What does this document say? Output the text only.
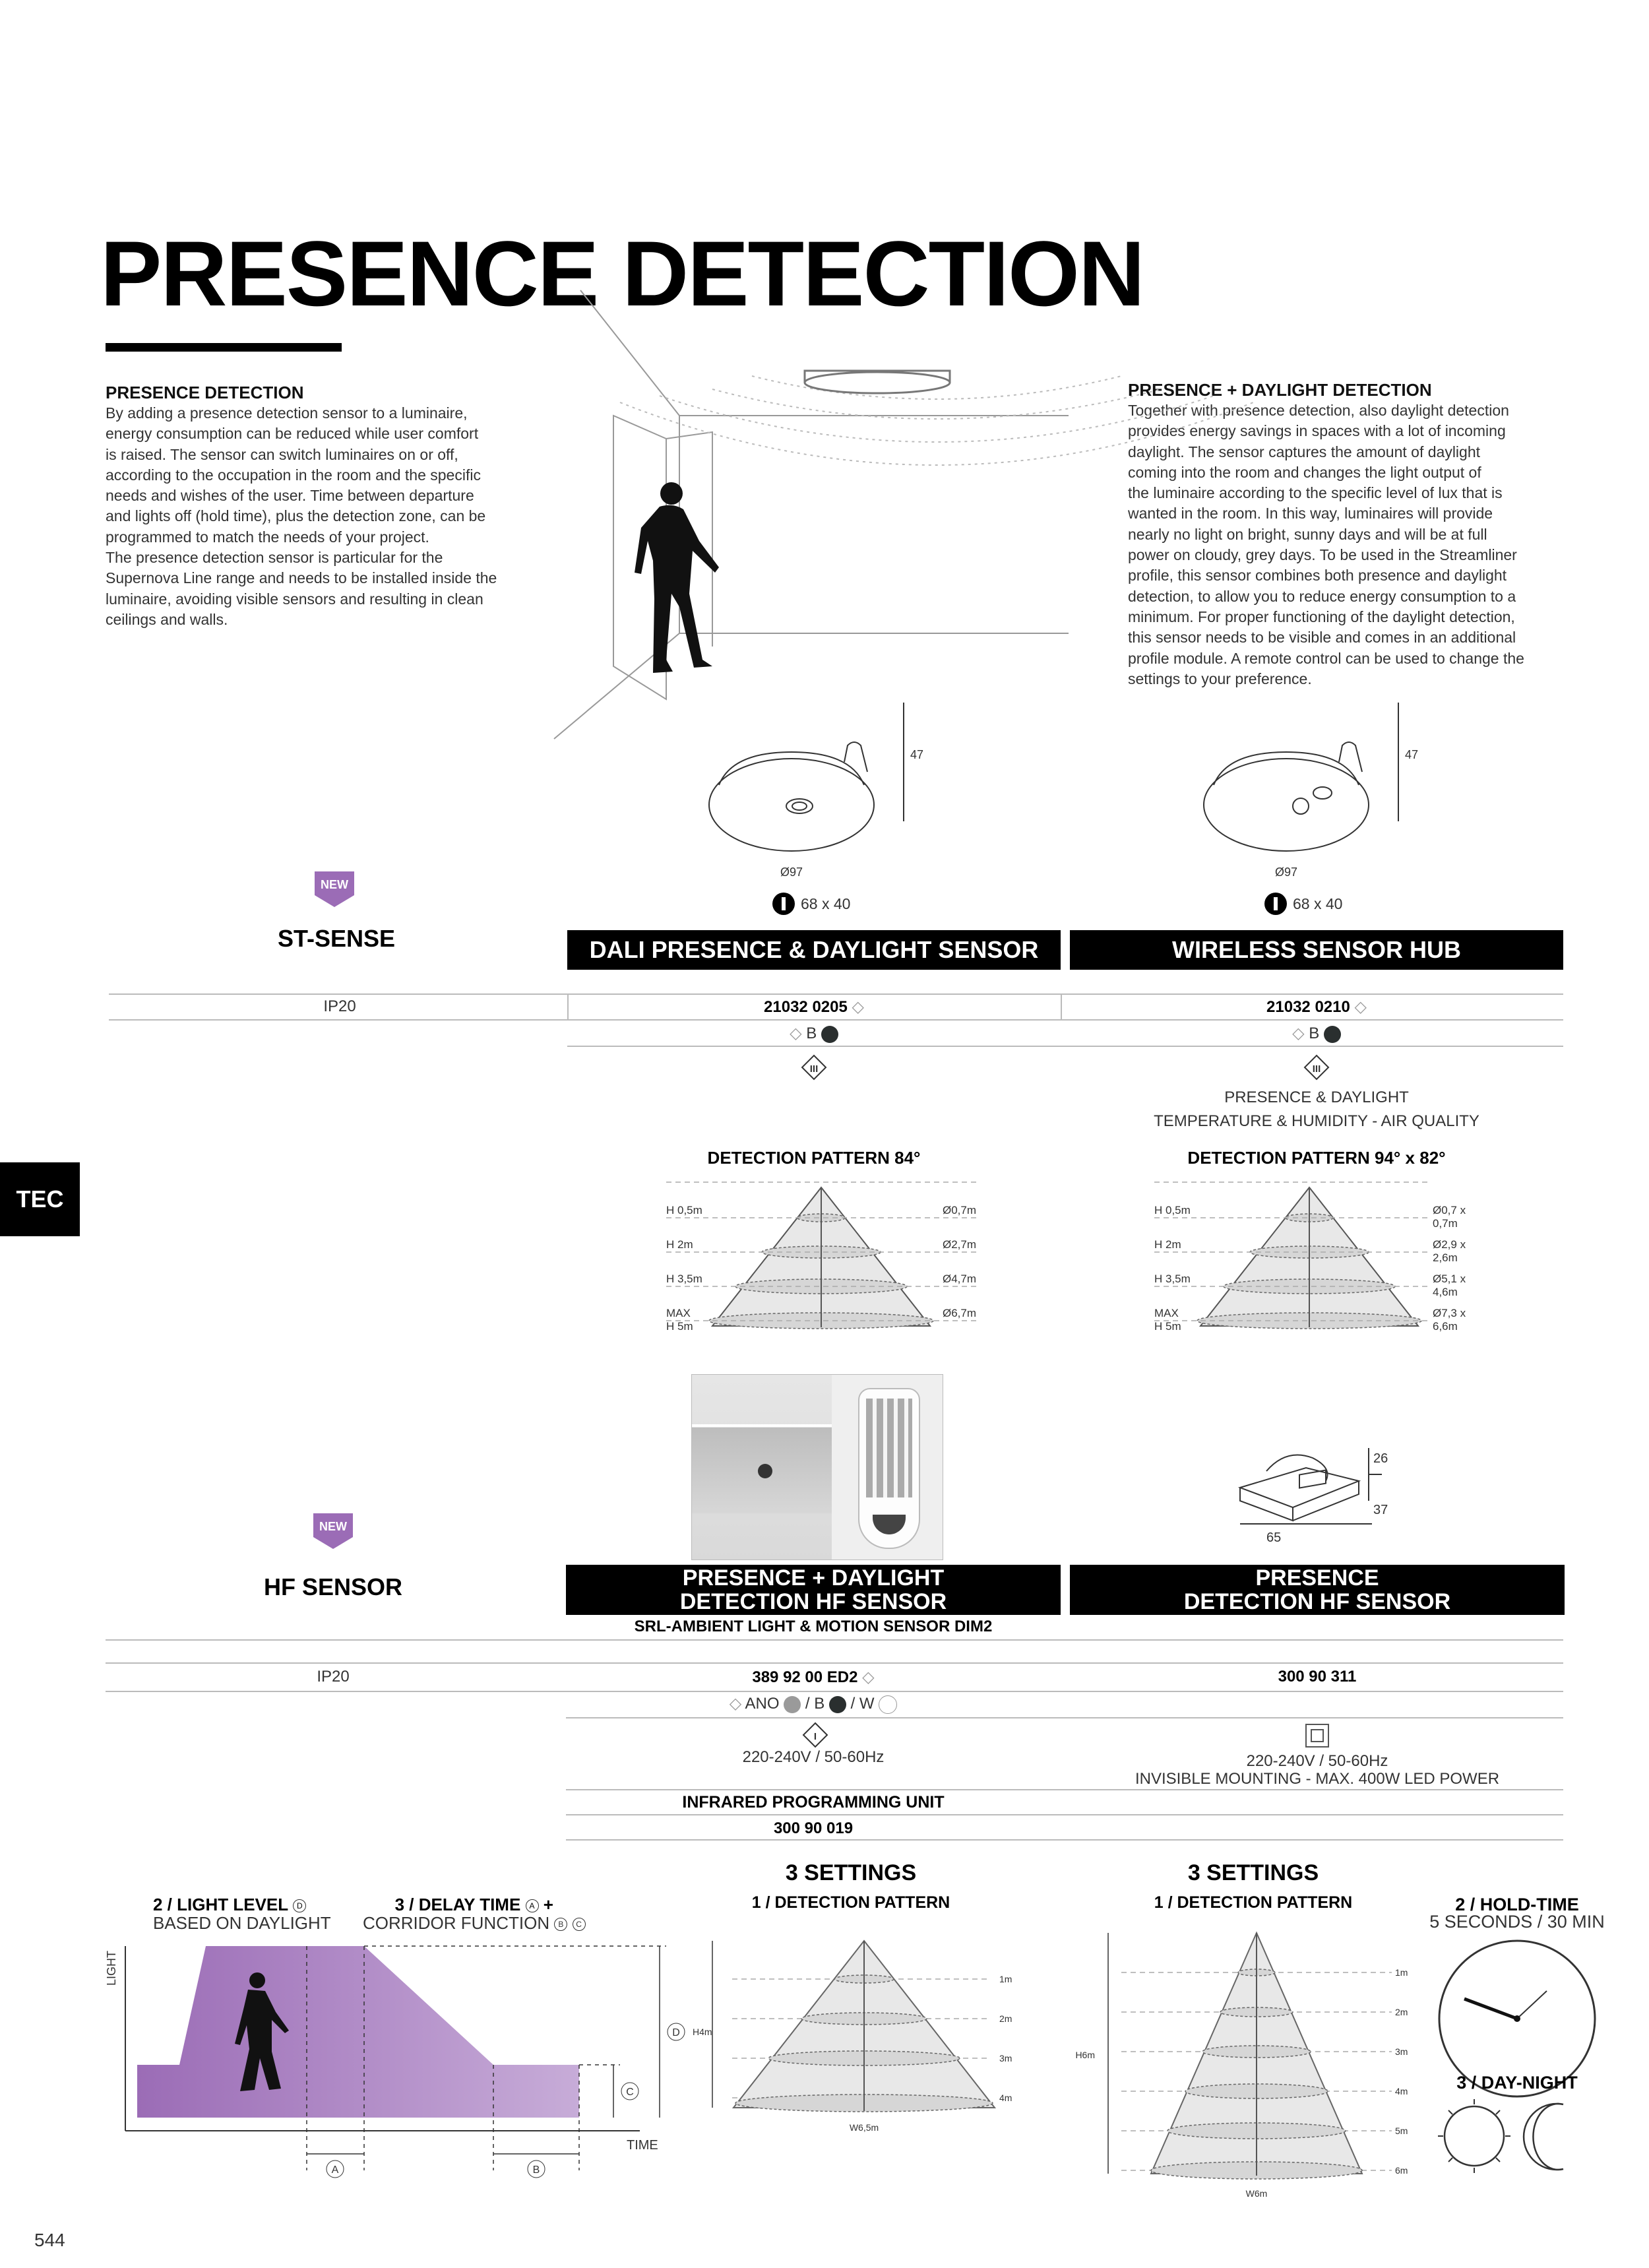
PRESENCE DETECTION
PRESENCE DETECTION
By adding a presence detection sensor to a luminaire,
energy consumption can be reduced while user comfort
is raised. The sensor can switch luminaires on or off,
according to the occupation in the room and the specific
needs and wishes of the user. Time between departure
and lights off (hold time), plus the detection zone, can be
programmed to match the needs of your project.
The presence detection sensor is particular for the
Supernova Line range and needs to be installed inside the
luminaire, avoiding visible sensors and resulting in clean
ceilings and walls.
PRESENCE + DAYLIGHT DETECTION
Together with presence detection, also daylight detection
provides energy savings in spaces with a lot of incoming
daylight. The sensor captures the amount of daylight
coming into the room and changes the light output of
the luminaire according to the specific level of lux that is
wanted in the room. In this way, luminaires will provide
nearly no light on bright, sunny days and will be at full
power on cloudy, grey days. To be used in the Streamliner
profile, this sensor combines both presence and daylight
detection, to allow you to reduce energy consumption to a
minimum. For proper functioning of the daylight detection,
this sensor needs to be visible and comes in an additional
profile module. A remote control can be used to change the
settings to your preference.
NEW
ST-SENSE
47
Ø97
47
Ø97
68 x 40	68 x 40
DALI PRESENCE & DAYLIGHT SENSOR	WIRELESS SENSOR HUB
IP20	21032 0205 ◇	21032 0210 ◇
◇ B	◇ B
III	III
PRESENCE & DAYLIGHT
TEMPERATURE & HUMIDITY - AIR QUALITY
DETECTION PATTERN 84°	DETECTION PATTERN 94° x 82°
H 0,5m
H 2m
H 3,5m
MAX
H 5m
Ø0,7m
Ø2,7m
Ø4,7m
Ø6,7m
H 0,5m
H 2m
H 3,5m
MAX
H 5m
Ø0,7 x
0,7m
Ø2,9 x
2,6m
Ø5,1 x
4,6m
Ø7,3 x
6,6m
TEC
26
37
65
NEW
HF SENSOR	PRESENCE + DAYLIGHT
DETECTION HF SENSOR
PRESENCE
DETECTION HF SENSOR
SRL-AMBIENT LIGHT & MOTION SENSOR DIM2
IP20	389 92 00 ED2 ◇	300 90 311
◇ ANO / B / W
I
220-240V / 50-60Hz	220-240V / 50-60Hz
INVISIBLE MOUNTING - MAX. 400W LED POWER
INFRARED PROGRAMMING UNIT
300 90 019
2 / LIGHT LEVEL D
BASED ON DAYLIGHT
3 / DELAY TIME A +
CORRIDOR FUNCTION B C
LIGHT
TIME
A	B
C
3 SETTINGS
1 / DETECTION PATTERN
1m
2m
3m
4m
H4m
W6,5m
D
3 SETTINGS
1 / DETECTION PATTERN
1m
2m
3m
4m
5m
6m
H6m
W6m
2 / HOLD-TIME
5 SECONDS / 30 MIN
3 / DAY-NIGHT
544
